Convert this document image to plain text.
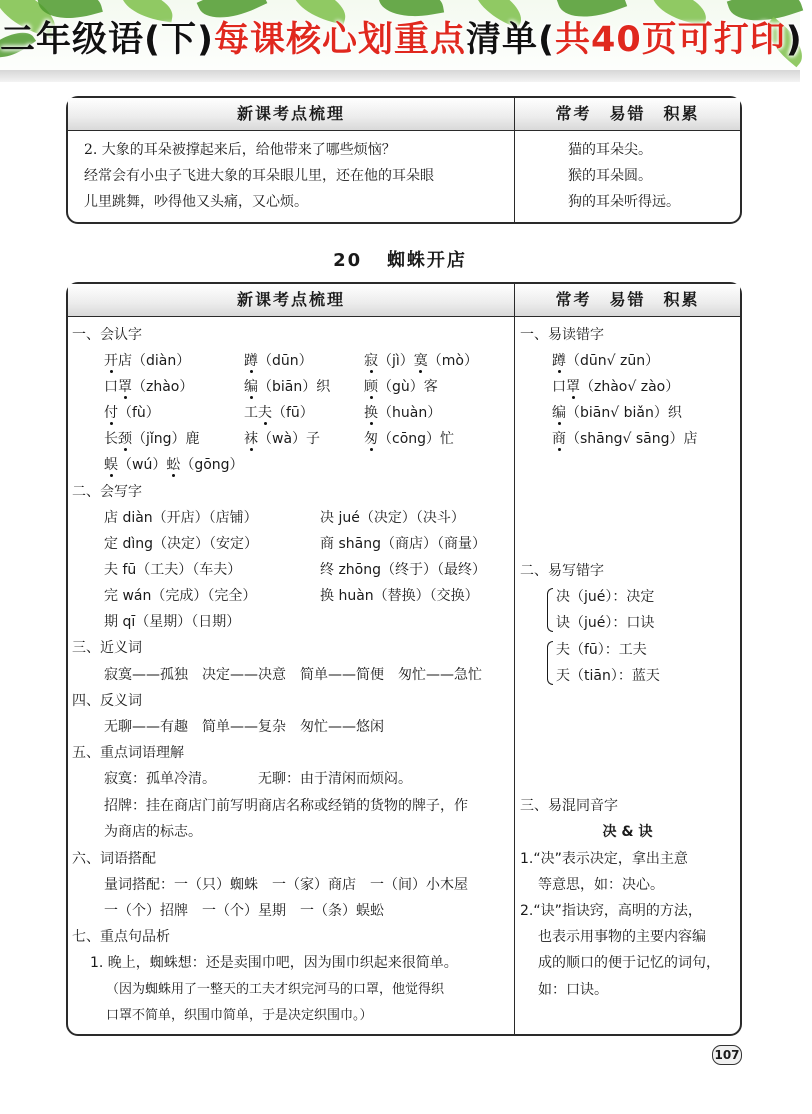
二年级语(下)每课核心划重点清单(共40页可打印)
新课考点梳理	常考　易错　积累
2. 大象的耳朵被撑起来后，给他带来了哪些烦恼？
经常会有小虫子飞进大象的耳朵眼儿里，还在他的耳朵眼
儿里跳舞，吵得他又头痛，又心烦。
猫的耳朵尖。
猴的耳朵圆。
狗的耳朵听得远。
20 蜘蛛开店
新课考点梳理	常考　易错　积累
一、会认字
开店（diàn）	蹲（dūn）	寂（jì）寞（mò）
口罩（zhào）	编（biān）织 顾（gù）客
付（fù）	工夫（fū）	换（huàn）
长颈（jǐng）鹿	袜（wà）子	匆（cōng）忙
蜈（wú）蚣（gōng）
二、会写字
店 diàn（开店）（店铺）	决 jué（决定）（决斗）
定 dìng（决定）（安定）	商 shāng（商店）（商量）
夫 fū（工夫）（车夫）	终 zhōng（终于）（最终）
完 wán（完成）（完全）	换 huàn（替换）（交换）
期 qī（星期）（日期）
三、近义词
寂寞——孤独　决定——决意　简单——简便　匆忙——急忙
四、反义词
无聊——有趣　简单——复杂　匆忙——悠闲
五、重点词语理解
寂寞：孤单冷清。	无聊：由于清闲而烦闷。
招牌：挂在商店门前写明商店名称或经销的货物的牌子，作
为商店的标志。
六、词语搭配
量词搭配：一（只）蜘蛛　一（家）商店　一（间）小木屋
一（个）招牌　一（个）星期　一（条）蜈蚣
七、重点句品析
1. 晚上，蜘蛛想：还是卖围巾吧，因为围巾织起来很简单。
（因为蜘蛛用了一整天的工夫才织完河马的口罩，他觉得织
口罩不简单，织围巾简单，于是决定织围巾。）
一、易读错字
蹲（dūn√ zūn）
口罩（zhào√ zào）
编（biān√ biǎn）织
商（shāng√ sāng）店
二、易写错字
决（jué）：决定
诀（jué）：口诀
夫（fū）：工夫
天（tiān）：蓝天
三、易混同音字
决 & 诀
1.“决”表示决定，拿出主意
等意思，如：决心。
2.“诀”指诀窍，高明的方法，
也表示用事物的主要内容编
成的顺口的便于记忆的词句，
如：口诀。
107
